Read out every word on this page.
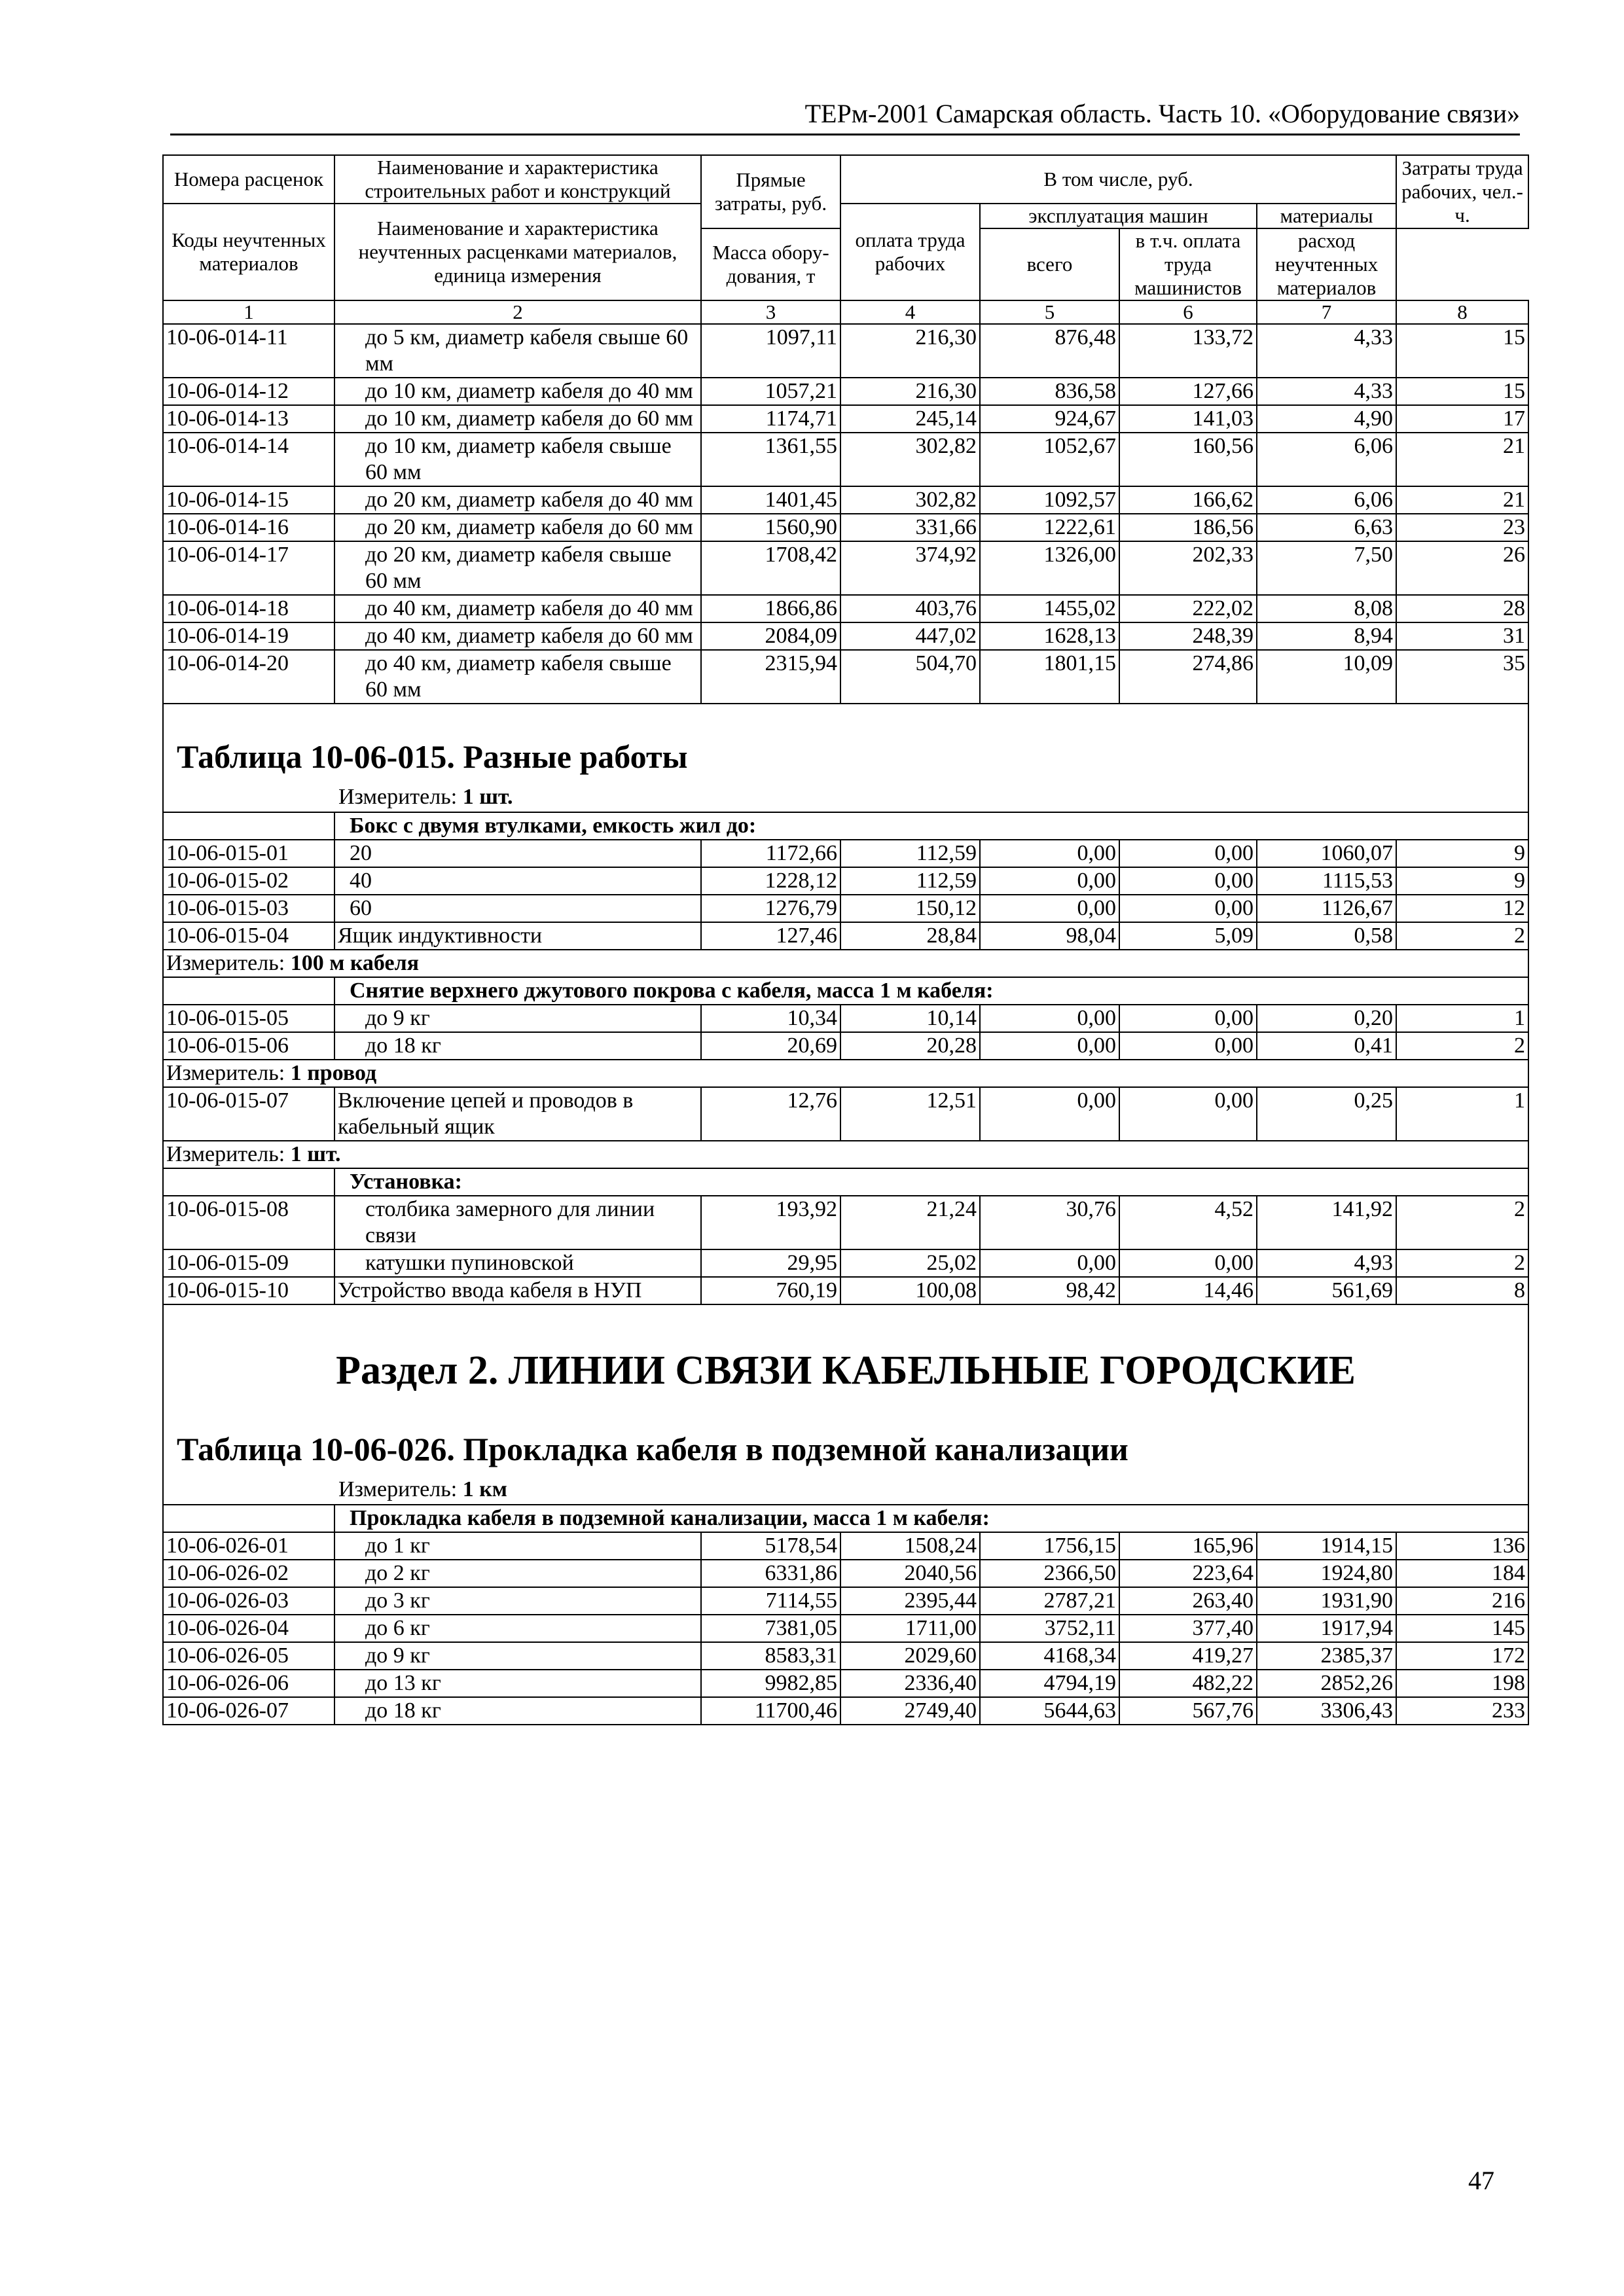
ТЕРм-2001 Самарская область. Часть 10. «Оборудование связи»
Номера расценок	Наименование и характеристика строительных работ и конструкций	Прямые затраты, руб.	В том числе, руб.				Затраты труда рабочих, чел.-ч.
Коды неучтенных материалов	Наименование и характеристика неучтенных расценками материалов, единица измерения		оплата труда рабочих	эксплуатация машин		материалы	
				всего	в т.ч. оплата труда машинистов	расход неучтенных материалов	
		Масса обору-дования, т					
1	2	3	4	5	6	7	8
10-06-014-11	до 5 км, диаметр кабеля свыше 60 мм	1097,11	216,30	876,48	133,72	4,33	15
10-06-014-12	до 10 км, диаметр кабеля до 40 мм	1057,21	216,30	836,58	127,66	4,33	15
10-06-014-13	до 10 км, диаметр кабеля до 60 мм	1174,71	245,14	924,67	141,03	4,90	17
10-06-014-14	до 10 км, диаметр кабеля свыше 60 мм	1361,55	302,82	1052,67	160,56	6,06	21
10-06-014-15	до 20 км, диаметр кабеля до 40 мм	1401,45	302,82	1092,57	166,62	6,06	21
10-06-014-16	до 20 км, диаметр кабеля до 60 мм	1560,90	331,66	1222,61	186,56	6,63	23
10-06-014-17	до 20 км, диаметр кабеля свыше 60 мм	1708,42	374,92	1326,00	202,33	7,50	26
10-06-014-18	до 40 км, диаметр кабеля до 40 мм	1866,86	403,76	1455,02	222,02	8,08	28
10-06-014-19	до 40 км, диаметр кабеля до 60 мм	2084,09	447,02	1628,13	248,39	8,94	31
10-06-014-20	до 40 км, диаметр кабеля свыше 60 мм	2315,94	504,70	1801,15	274,86	10,09	35

Таблица 10-06-015. Разные работы
Измеритель: 1 шт.							

	Бокс с двумя втулками, емкость жил до:						
10-06-015-01	20	1172,66	112,59	0,00	0,00	1060,07	9
10-06-015-02	40	1228,12	112,59	0,00	0,00	1115,53	9
10-06-015-03	60	1276,79	150,12	0,00	0,00	1126,67	12
10-06-015-04	Ящик индуктивности	127,46	28,84	98,04	5,09	0,58	2
Измеритель: 100 м кабеля							
	Снятие верхнего джутового покрова с кабеля, масса 1 м кабеля:						
10-06-015-05	до 9 кг	10,34	10,14	0,00	0,00	0,20	1
10-06-015-06	до 18 кг	20,69	20,28	0,00	0,00	0,41	2
Измеритель: 1 провод							
10-06-015-07	Включение цепей и проводов в кабельный ящик	12,76	12,51	0,00	0,00	0,25	1
Измеритель: 1 шт.							
	Установка:						
10-06-015-08	столбика замерного для линии связи	193,92	21,24	30,76	4,52	141,92	2
10-06-015-09	катушки пупиновской	29,95	25,02	0,00	0,00	4,93	2
10-06-015-10	Устройство ввода кабеля в НУП	760,19	100,08	98,42	14,46	561,69	8

Раздел 2. ЛИНИИ СВЯЗИ КАБЕЛЬНЫЕ ГОРОДСКИЕ
Таблица 10-06-026. Прокладка кабеля в подземной канализации
Измеритель: 1 км							

	Прокладка кабеля в подземной канализации, масса 1 м кабеля:						
10-06-026-01	до 1 кг	5178,54	1508,24	1756,15	165,96	1914,15	136
10-06-026-02	до 2 кг	6331,86	2040,56	2366,50	223,64	1924,80	184
10-06-026-03	до 3 кг	7114,55	2395,44	2787,21	263,40	1931,90	216
10-06-026-04	до 6 кг	7381,05	1711,00	3752,11	377,40	1917,94	145
10-06-026-05	до 9 кг	8583,31	2029,60	4168,34	419,27	2385,37	172
10-06-026-06	до 13 кг	9982,85	2336,40	4794,19	482,22	2852,26	198
10-06-026-07	до 18 кг	11700,46	2749,40	5644,63	567,76	3306,43	233
47
